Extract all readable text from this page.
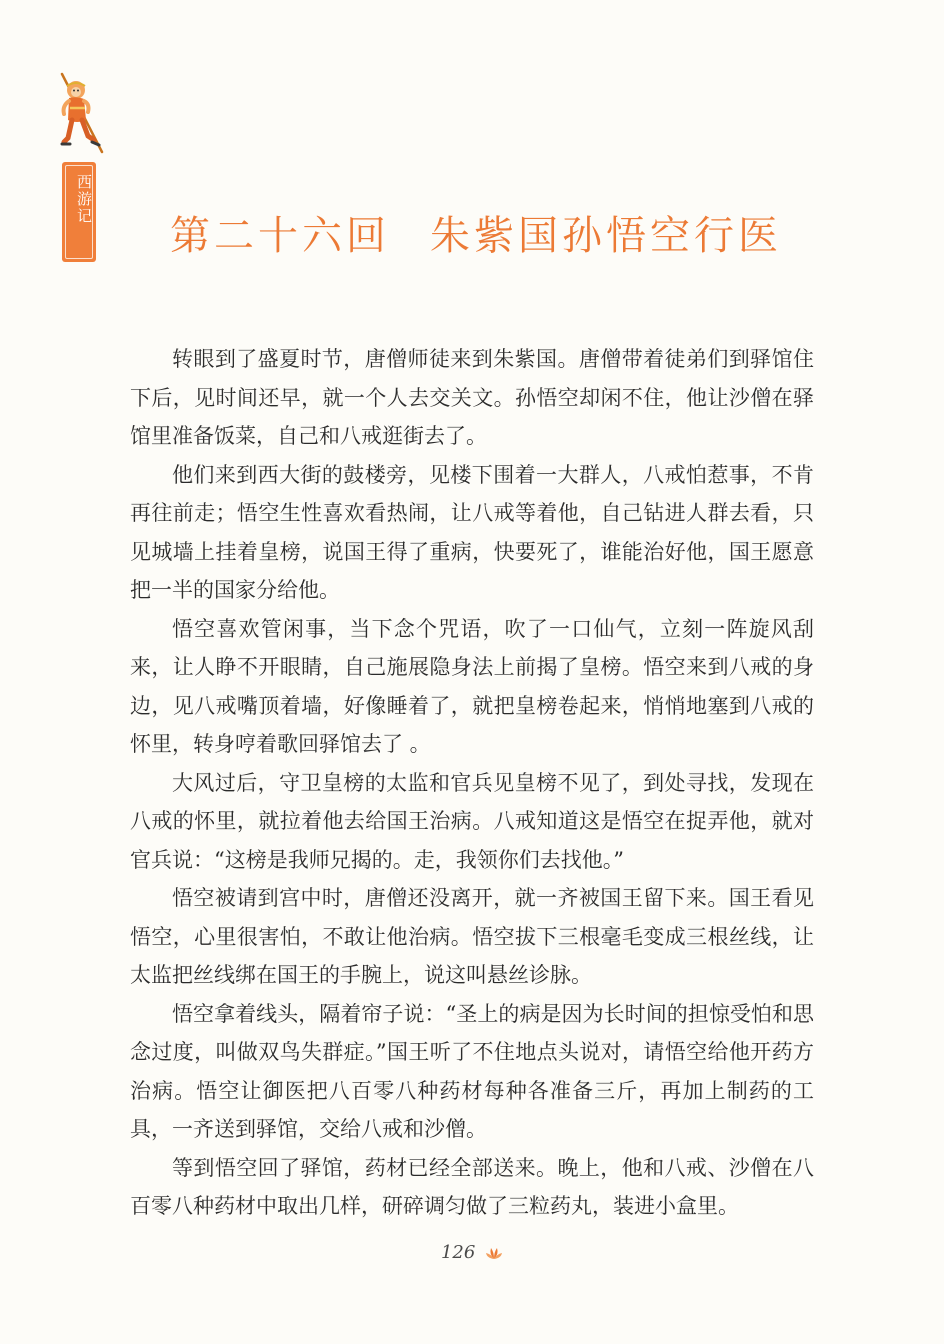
西游记
第二十六回 朱紫国孙悟空行医

转眼到了盛夏时节，唐僧师徒来到朱紫国。唐僧带着徒弟们到驿馆住下后，见时间还早，就一个人去交关文。孙悟空却闲不住，他让沙僧在驿馆里准备饭菜，自己和八戒逛街去了。

他们来到西大街的鼓楼旁，见楼下围着一大群人，八戒怕惹事，不肯再往前走；悟空生性喜欢看热闹，让八戒等着他，自己钻进人群去看，只见城墙上挂着皇榜，说国王得了重病，快要死了，谁能治好他，国王愿意把一半的国家分给他。

悟空喜欢管闲事，当下念个咒语，吹了一口仙气，立刻一阵旋风刮来，让人睁不开眼睛，自己施展隐身法上前揭了皇榜。悟空来到八戒的身边，见八戒嘴顶着墙，好像睡着了，就把皇榜卷起来，悄悄地塞到八戒的怀里，转身哼着歌回驿馆去了 。

大风过后，守卫皇榜的太监和官兵见皇榜不见了，到处寻找，发现在八戒的怀里，就拉着他去给国王治病。八戒知道这是悟空在捉弄他，就对官兵说：“这榜是我师兄揭的。走，我领你们去找他。”

悟空被请到宫中时，唐僧还没离开，就一齐被国王留下来。国王看见悟空，心里很害怕，不敢让他治病。悟空拔下三根毫毛变成三根丝线，让太监把丝线绑在国王的手腕上，说这叫悬丝诊脉。

悟空拿着线头，隔着帘子说：“圣上的病是因为长时间的担惊受怕和思念过度，叫做双鸟失群症。”国王听了不住地点头说对，请悟空给他开药方治病。悟空让御医把八百零八种药材每种各准备三斤，再加上制药的工具，一齐送到驿馆，交给八戒和沙僧。

等到悟空回了驿馆，药材已经全部送来。晚上，他和八戒、沙僧在八百零八种药材中取出几样，研碎调匀做了三粒药丸，装进小盒里。

126
